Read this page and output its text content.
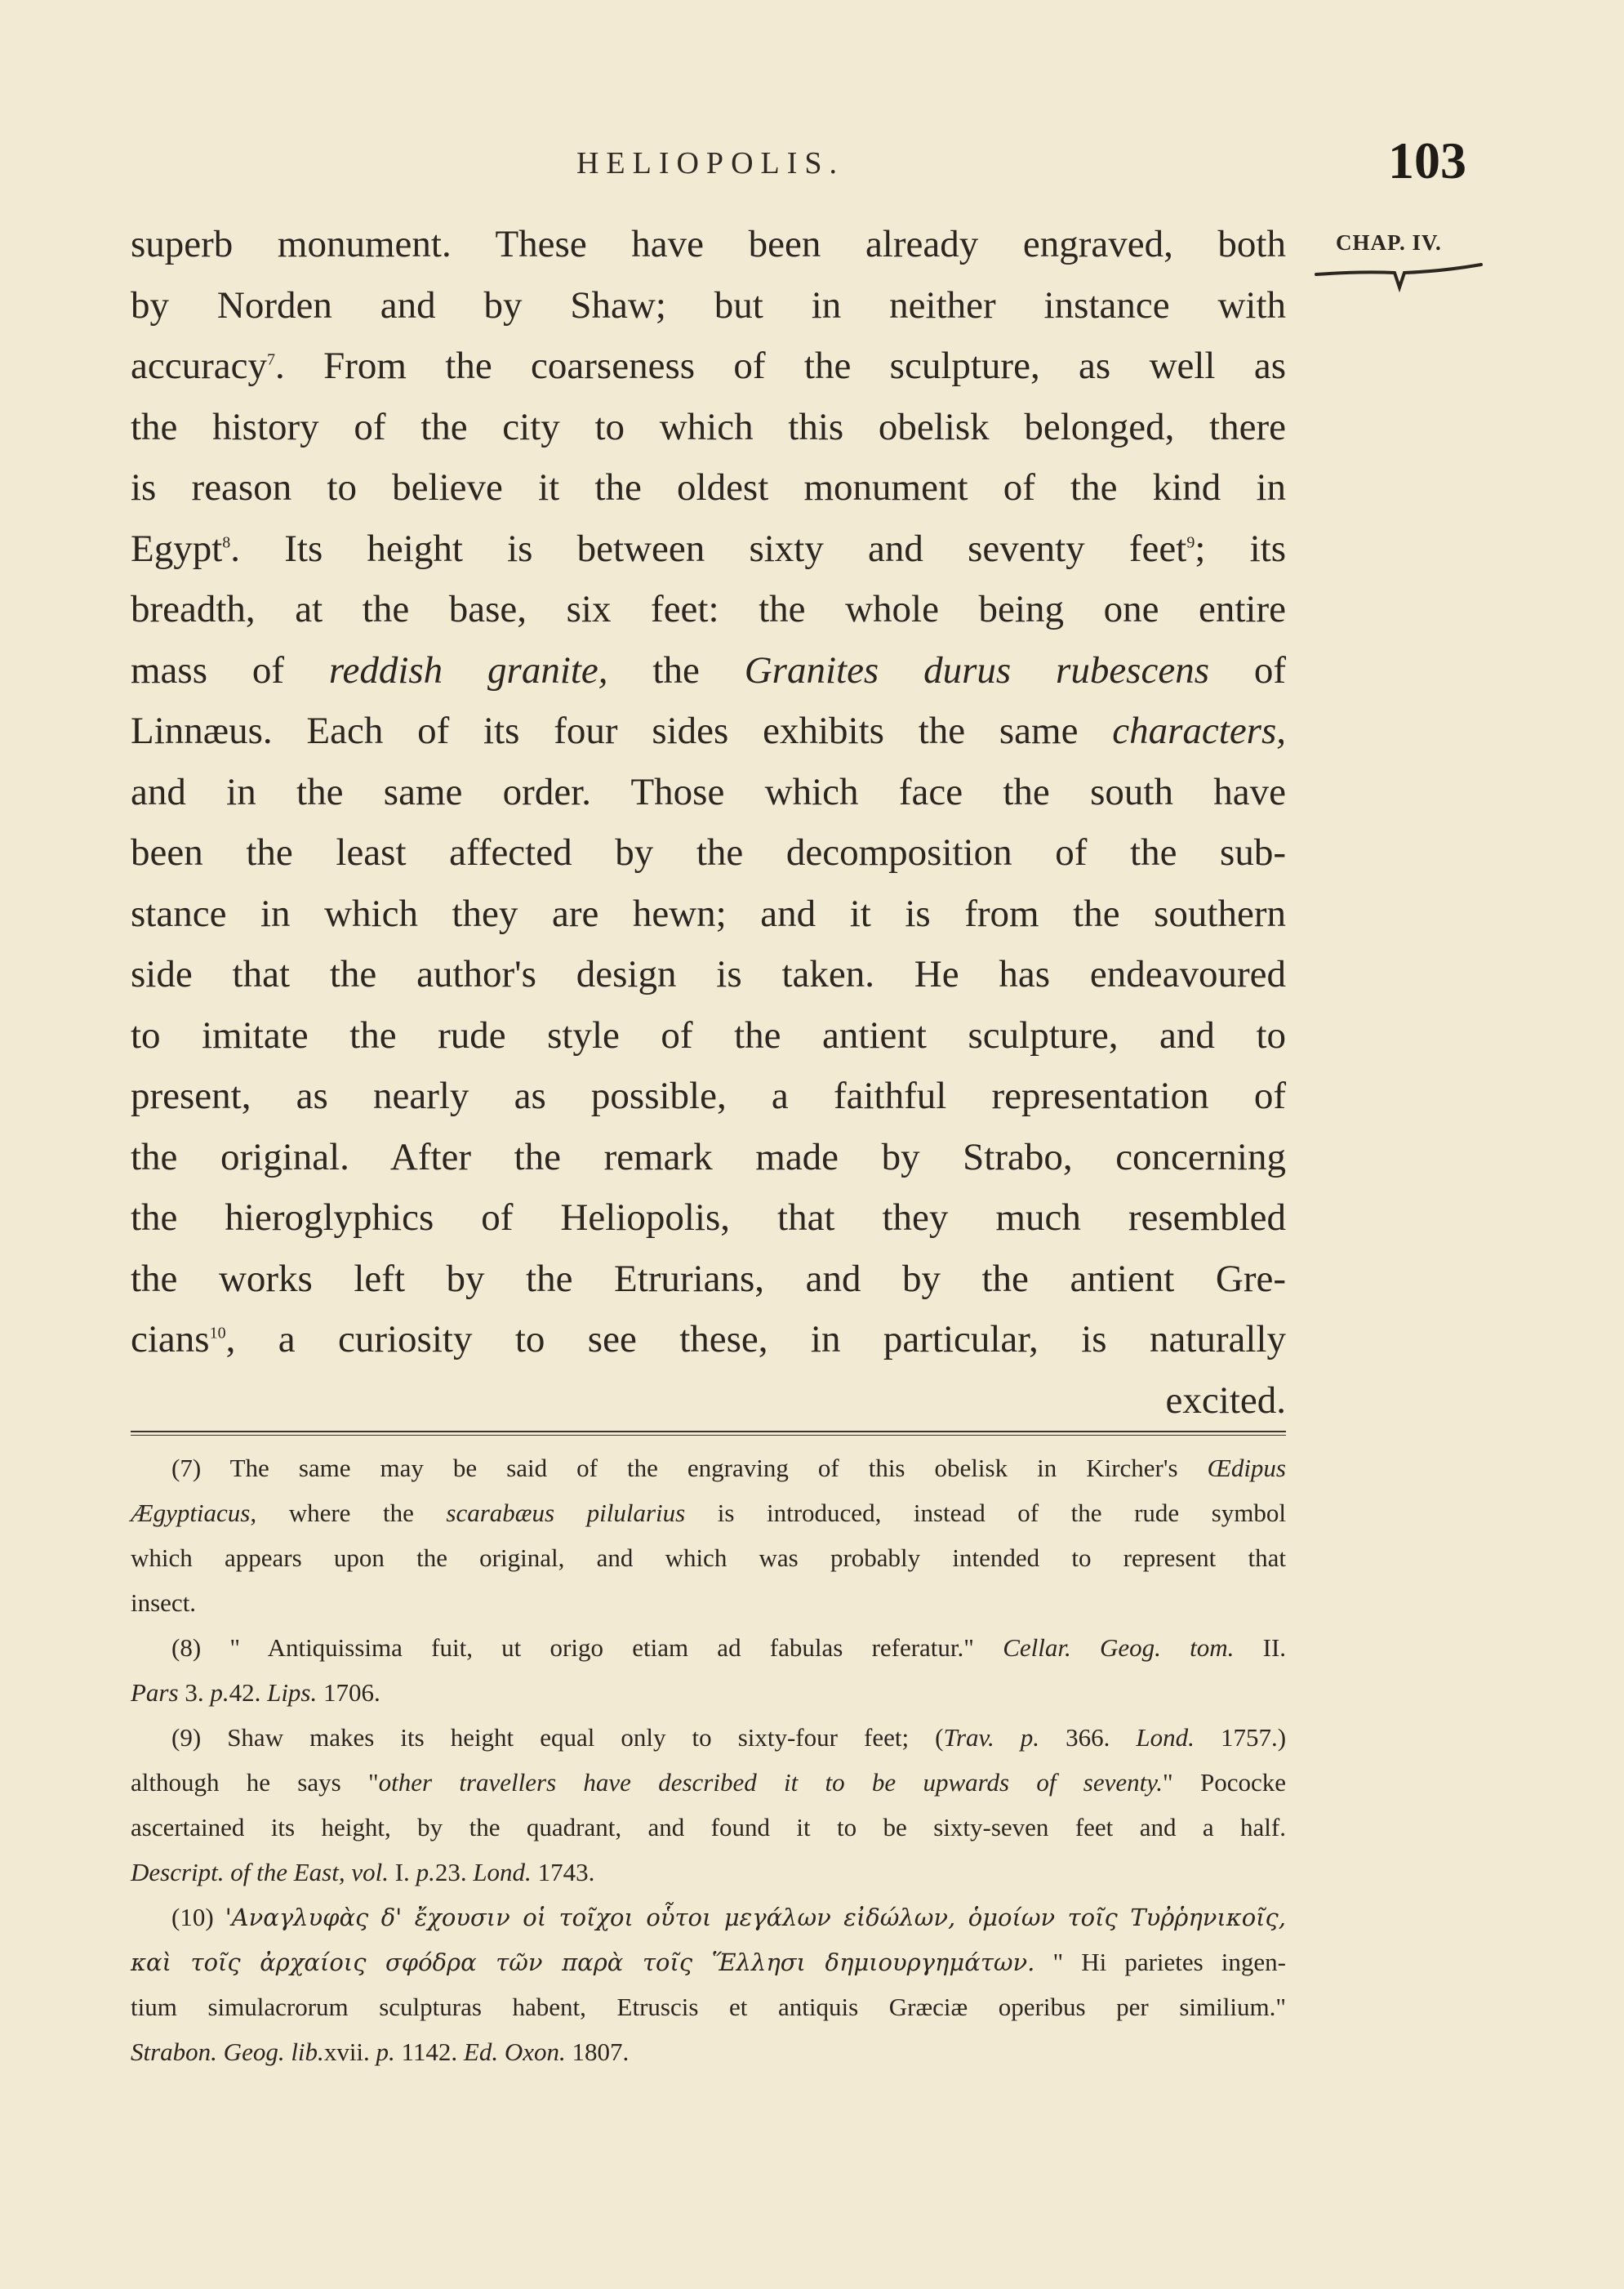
HELIOPOLIS.	103
CHAP. IV.
superb monument. These have been already engraved, both
by Norden and by Shaw; but in neither instance with
accuracy$^7$. From the coarseness of the sculpture, as well as
the history of the city to which this obelisk belonged, there
is reason to believe it the oldest monument of the kind in
Egypt$^8$. Its height is between sixty and seventy feet$^9$; its
breadth, at the base, six feet: the whole being one entire
mass of reddish granite, the Granites durus rubescens of
Linnæus. Each of its four sides exhibits the same characters,
and in the same order. Those which face the south have
been the least affected by the decomposition of the sub-
stance in which they are hewn; and it is from the southern
side that the author's design is taken. He has endeavoured
to imitate the rude style of the antient sculpture, and to
present, as nearly as possible, a faithful representation of
the original. After the remark made by Strabo, concerning
the hieroglyphics of Heliopolis, that they much resembled
the works left by the Etrurians, and by the antient Gre-
cians$^{10}$, a curiosity to see these, in particular, is naturally
excited.
(7) The same may be said of the engraving of this obelisk in Kircher's Œdipus
Ægyptiacus, where the scarabæus pilularius is introduced, instead of the rude symbol
which appears upon the original, and which was probably intended to represent that
insect.
(8) " Antiquissima fuit, ut origo etiam ad fabulas referatur." Cellar. Geog. tom. II.
Pars 3. p.42. Lips. 1706.
(9) Shaw makes its height equal only to sixty-four feet; (Trav. p. 366. Lond. 1757.)
although he says "other travellers have described it to be upwards of seventy." Pococke
ascertained its height, by the quadrant, and found it to be sixty-seven feet and a half.
Descript. of the East, vol. I. p.23. Lond. 1743.
(10) 'Αναγλυφὰς δ' ἔχουσιν οἱ τοῖχοι οὗτοι μεγάλων εἰδώλων, ὁμοίων τοῖς Τυῤῥηνικοῖς,
καὶ τοῖς ἀρχαίοις σφόδρα τῶν παρὰ τοῖς Ἕλλησι δημιουργημάτων. " Hi parietes ingen-
tium simulacrorum sculpturas habent, Etruscis et antiquis Græciæ operibus per similium."
Strabon. Geog. lib.xvii. p. 1142. Ed. Oxon. 1807.
